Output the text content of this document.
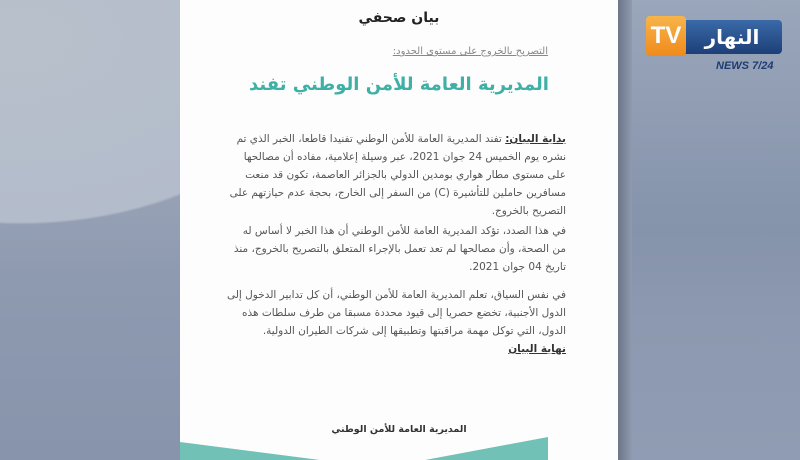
بيان صحفي
التصريح بالخروج على مستوى الحدود:
المديرية العامة للأمن الوطني تفند
بداية البيان: تفند المديرية العامة للأمن الوطني تفنيدا قاطعا، الخبر الذي تم نشره يوم الخميس 24 جوان 2021، عبر وسيلة إعلامية، مفاده أن مصالحها على مستوى مطار هواري بومدين الدولي بالجزائر العاصمة، تكون قد منعت مسافرين حاملين للتأشيرة (C) من السفر إلى الخارج، بحجة عدم حيازتهم على التصريح بالخروج.
في هذا الصدد، تؤكد المديرية العامة للأمن الوطني أن هذا الخبر لا أساس له من الصحة، وأن مصالحها لم تعد تعمل بالإجراء المتعلق بالتصريح بالخروج، منذ تاريخ 04 جوان 2021.
في نفس السياق، تعلم المديرية العامة للأمن الوطني، أن كل تدابير الدخول إلى الدول الأجنبية، تخضع حصريا إلى قيود محددة مسبقا من طرف سلطات هذه الدول، التي توكل مهمة مراقبتها وتطبيقها إلى شركات الطيران الدولية.
نهاية البيان
المديرية العامة للأمن الوطني
النهار
TV
NEWS 7/24
